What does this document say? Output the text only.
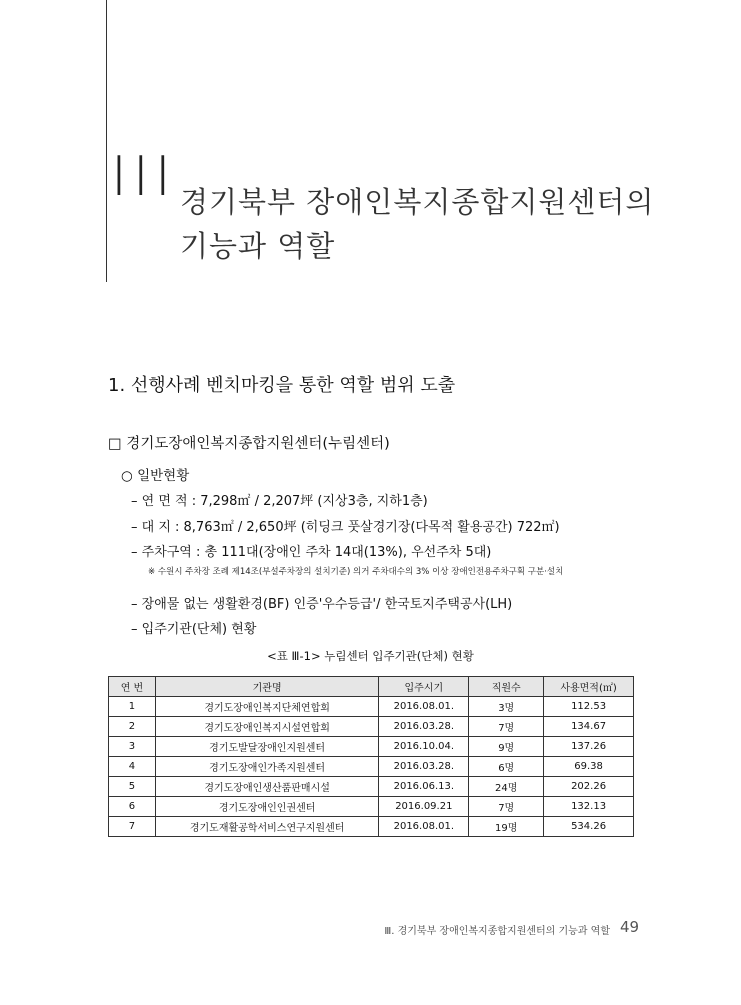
III 경기북부 장애인복지종합지원센터의
기능과 역할
1. 선행사례 벤치마킹을 통한 역할 범위 도출
□ 경기도장애인복지종합지원센터(누림센터)
○ 일반현황
– 연 면 적 : 7,298㎡ / 2,207坪 (지상3층, 지하1층)
– 대 지 : 8,763㎡ / 2,650坪 (히딩크 풋살경기장(다목적 활용공간) 722㎡)
– 주차구역 : 총 111대(장애인 주차 14대(13%), 우선주차 5대)
※ 수원시 주차장 조례 제14조(부설주차장의 설치기준) 의거 주차대수의 3% 이상 장애인전용주차구획 구분·설치
– 장애물 없는 생활환경(BF) 인증'우수등급'/ 한국토지주택공사(LH)
– 입주기관(단체) 현황
<표 Ⅲ-1> 누림센터 입주기관(단체) 현황
연 번	기관명	입주시기	직원수	사용면적(㎡)
1	경기도장애인복지단체연합회	2016.08.01.	3명	112.53
2	경기도장애인복지시설연합회	2016.03.28.	7명	134.67
3	경기도발달장애인지원센터	2016.10.04.	9명	137.26
4	경기도장애인가족지원센터	2016.03.28.	6명	69.38
5	경기도장애인생산품판매시설	2016.06.13.	24명	202.26
6	경기도장애인인권센터	2016.09.21	7명	132.13
7	경기도재활공학서비스연구지원센터	2016.08.01.	19명	534.26
Ⅲ. 경기북부 장애인복지종합지원센터의 기능과 역할 49
